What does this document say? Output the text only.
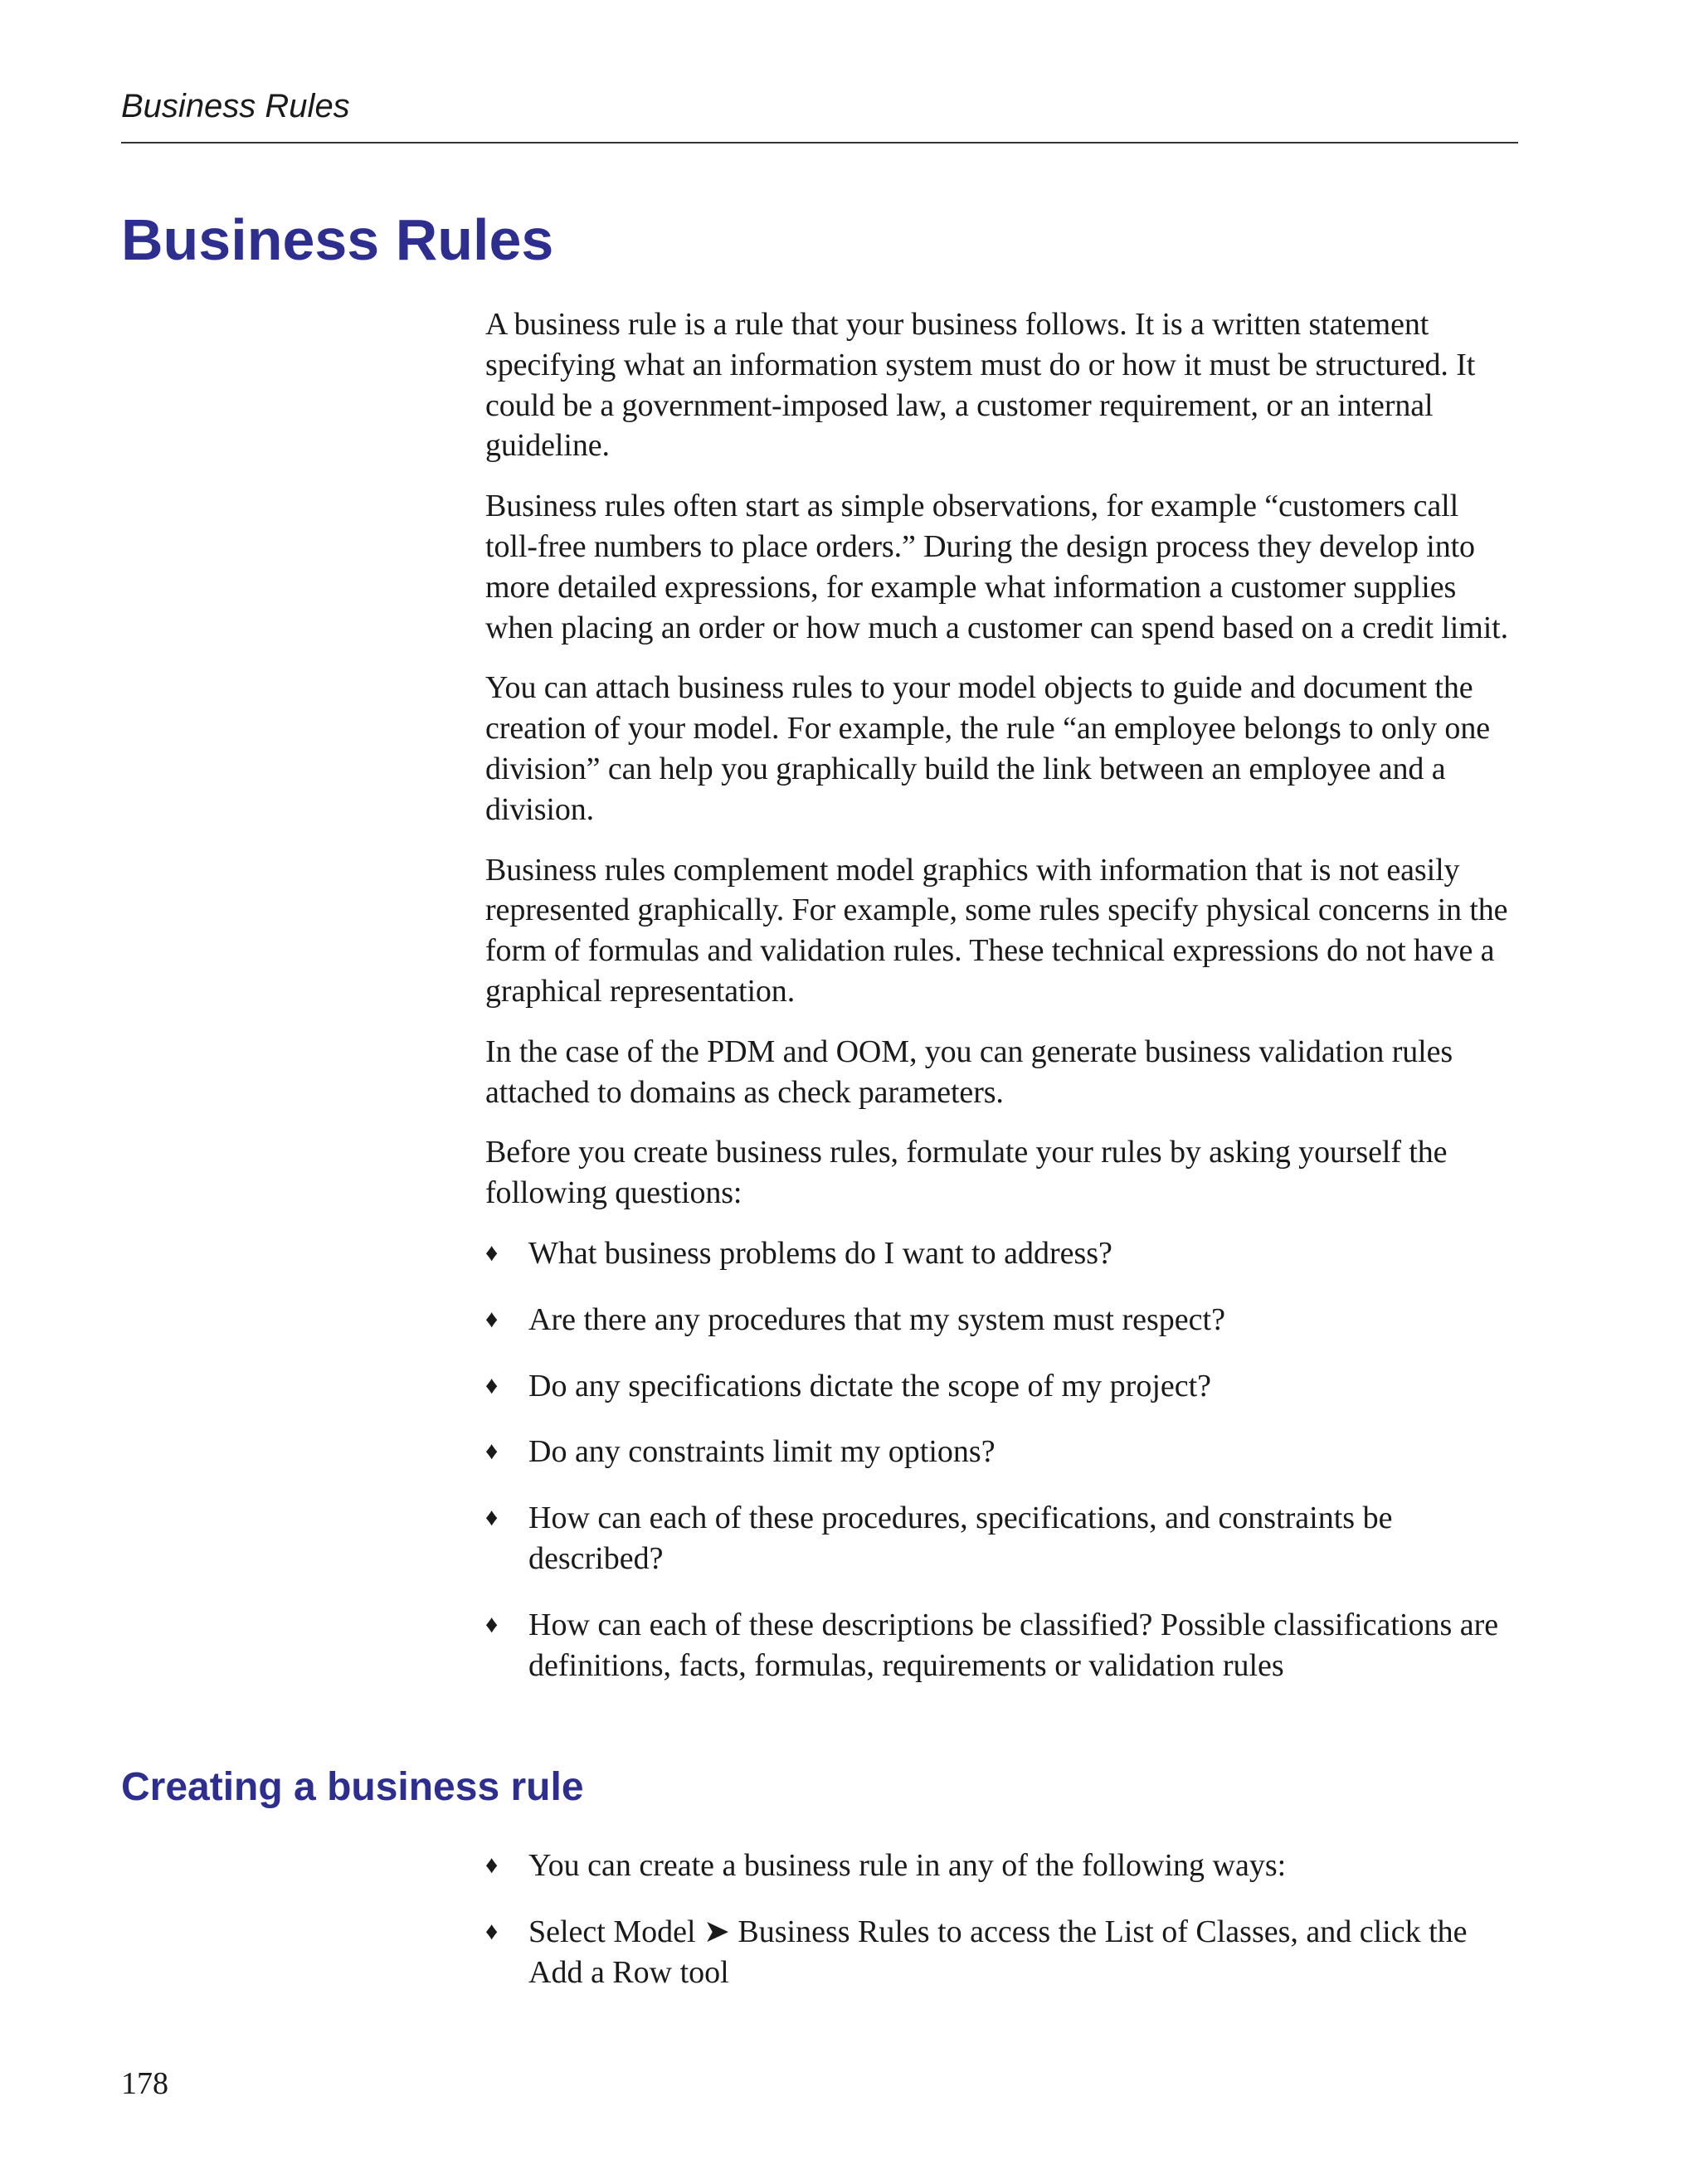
Business Rules
Business Rules

A business rule is a rule that your business follows. It is a written statement specifying what an information system must do or how it must be structured. It could be a government-imposed law, a customer requirement, or an internal guideline.

Business rules often start as simple observations, for example “customers call toll-free numbers to place orders.” During the design process they develop into more detailed expressions, for example what information a customer supplies when placing an order or how much a customer can spend based on a credit limit.

You can attach business rules to your model objects to guide and document the creation of your model. For example, the rule “an employee belongs to only one division” can help you graphically build the link between an employee and a division.

Business rules complement model graphics with information that is not easily represented graphically. For example, some rules specify physical concerns in the form of formulas and validation rules. These technical expressions do not have a graphical representation.

In the case of the PDM and OOM, you can generate business validation rules attached to domains as check parameters.

Before you create business rules, formulate your rules by asking yourself the following questions:

♦ What business problems do I want to address?
♦ Are there any procedures that my system must respect?
♦ Do any specifications dictate the scope of my project?
♦ Do any constraints limit my options?
♦ How can each of these procedures, specifications, and constraints be described?
♦ How can each of these descriptions be classified? Possible classifications are definitions, facts, formulas, requirements or validation rules
Creating a business rule
♦ You can create a business rule in any of the following ways:
♦ Select Model ➤ Business Rules to access the List of Classes, and click the Add a Row tool
178
